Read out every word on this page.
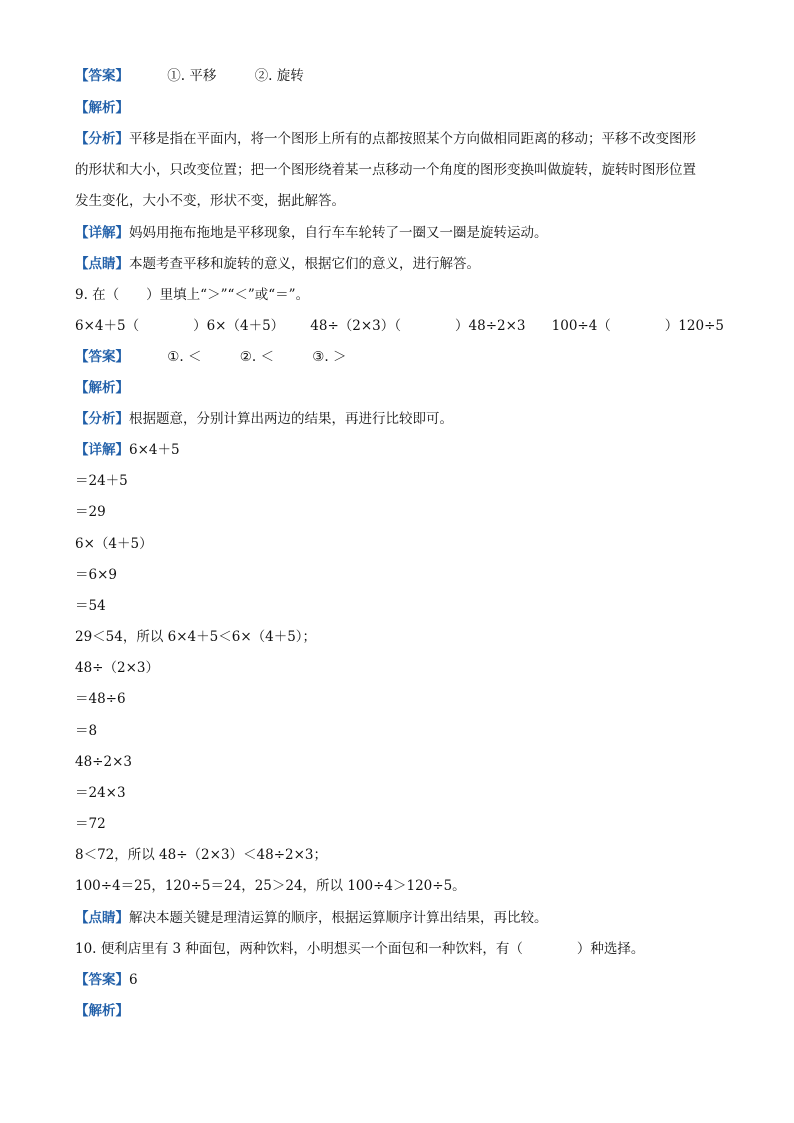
【答案】	①. 平移	②. 旋转
【解析】
【分析】平移是指在平面内，将一个图形上所有的点都按照某个方向做相同距离的移动；平移不改变图形
的形状和大小，只改变位置；把一个图形绕着某一点移动一个角度的图形变换叫做旋转，旋转时图形位置
发生变化，大小不变，形状不变，据此解答。
【详解】妈妈用拖布拖地是平移现象，自行车车轮转了一圈又一圈是旋转运动。
【点睛】本题考查平移和旋转的意义，根据它们的意义，进行解答。
9. 在（　　）里填上“＞”“＜”或“＝”。
6×4＋5（　　　　）6×（4＋5） 48÷（2×3）（　　　　）48÷2×3 100÷4（　　　　）120÷5
【答案】	①. ＜	②. ＜	③. ＞
【解析】
【分析】根据题意，分别计算出两边的结果，再进行比较即可。
【详解】6×4＋5
＝24＋5
＝29
6×（4＋5）
＝6×9
＝54
29＜54，所以 6×4＋5＜6×（4＋5）；
48÷（2×3）
＝48÷6
＝8
48÷2×3
＝24×3
＝72
8＜72，所以 48÷（2×3）＜48÷2×3；
100÷4＝25，120÷5＝24，25＞24，所以 100÷4＞120÷5。
【点睛】解决本题关键是理清运算的顺序，根据运算顺序计算出结果，再比较。
10. 便利店里有 3 种面包，两种饮料，小明想买一个面包和一种饮料，有（　　　　）种选择。
【答案】6
【解析】
